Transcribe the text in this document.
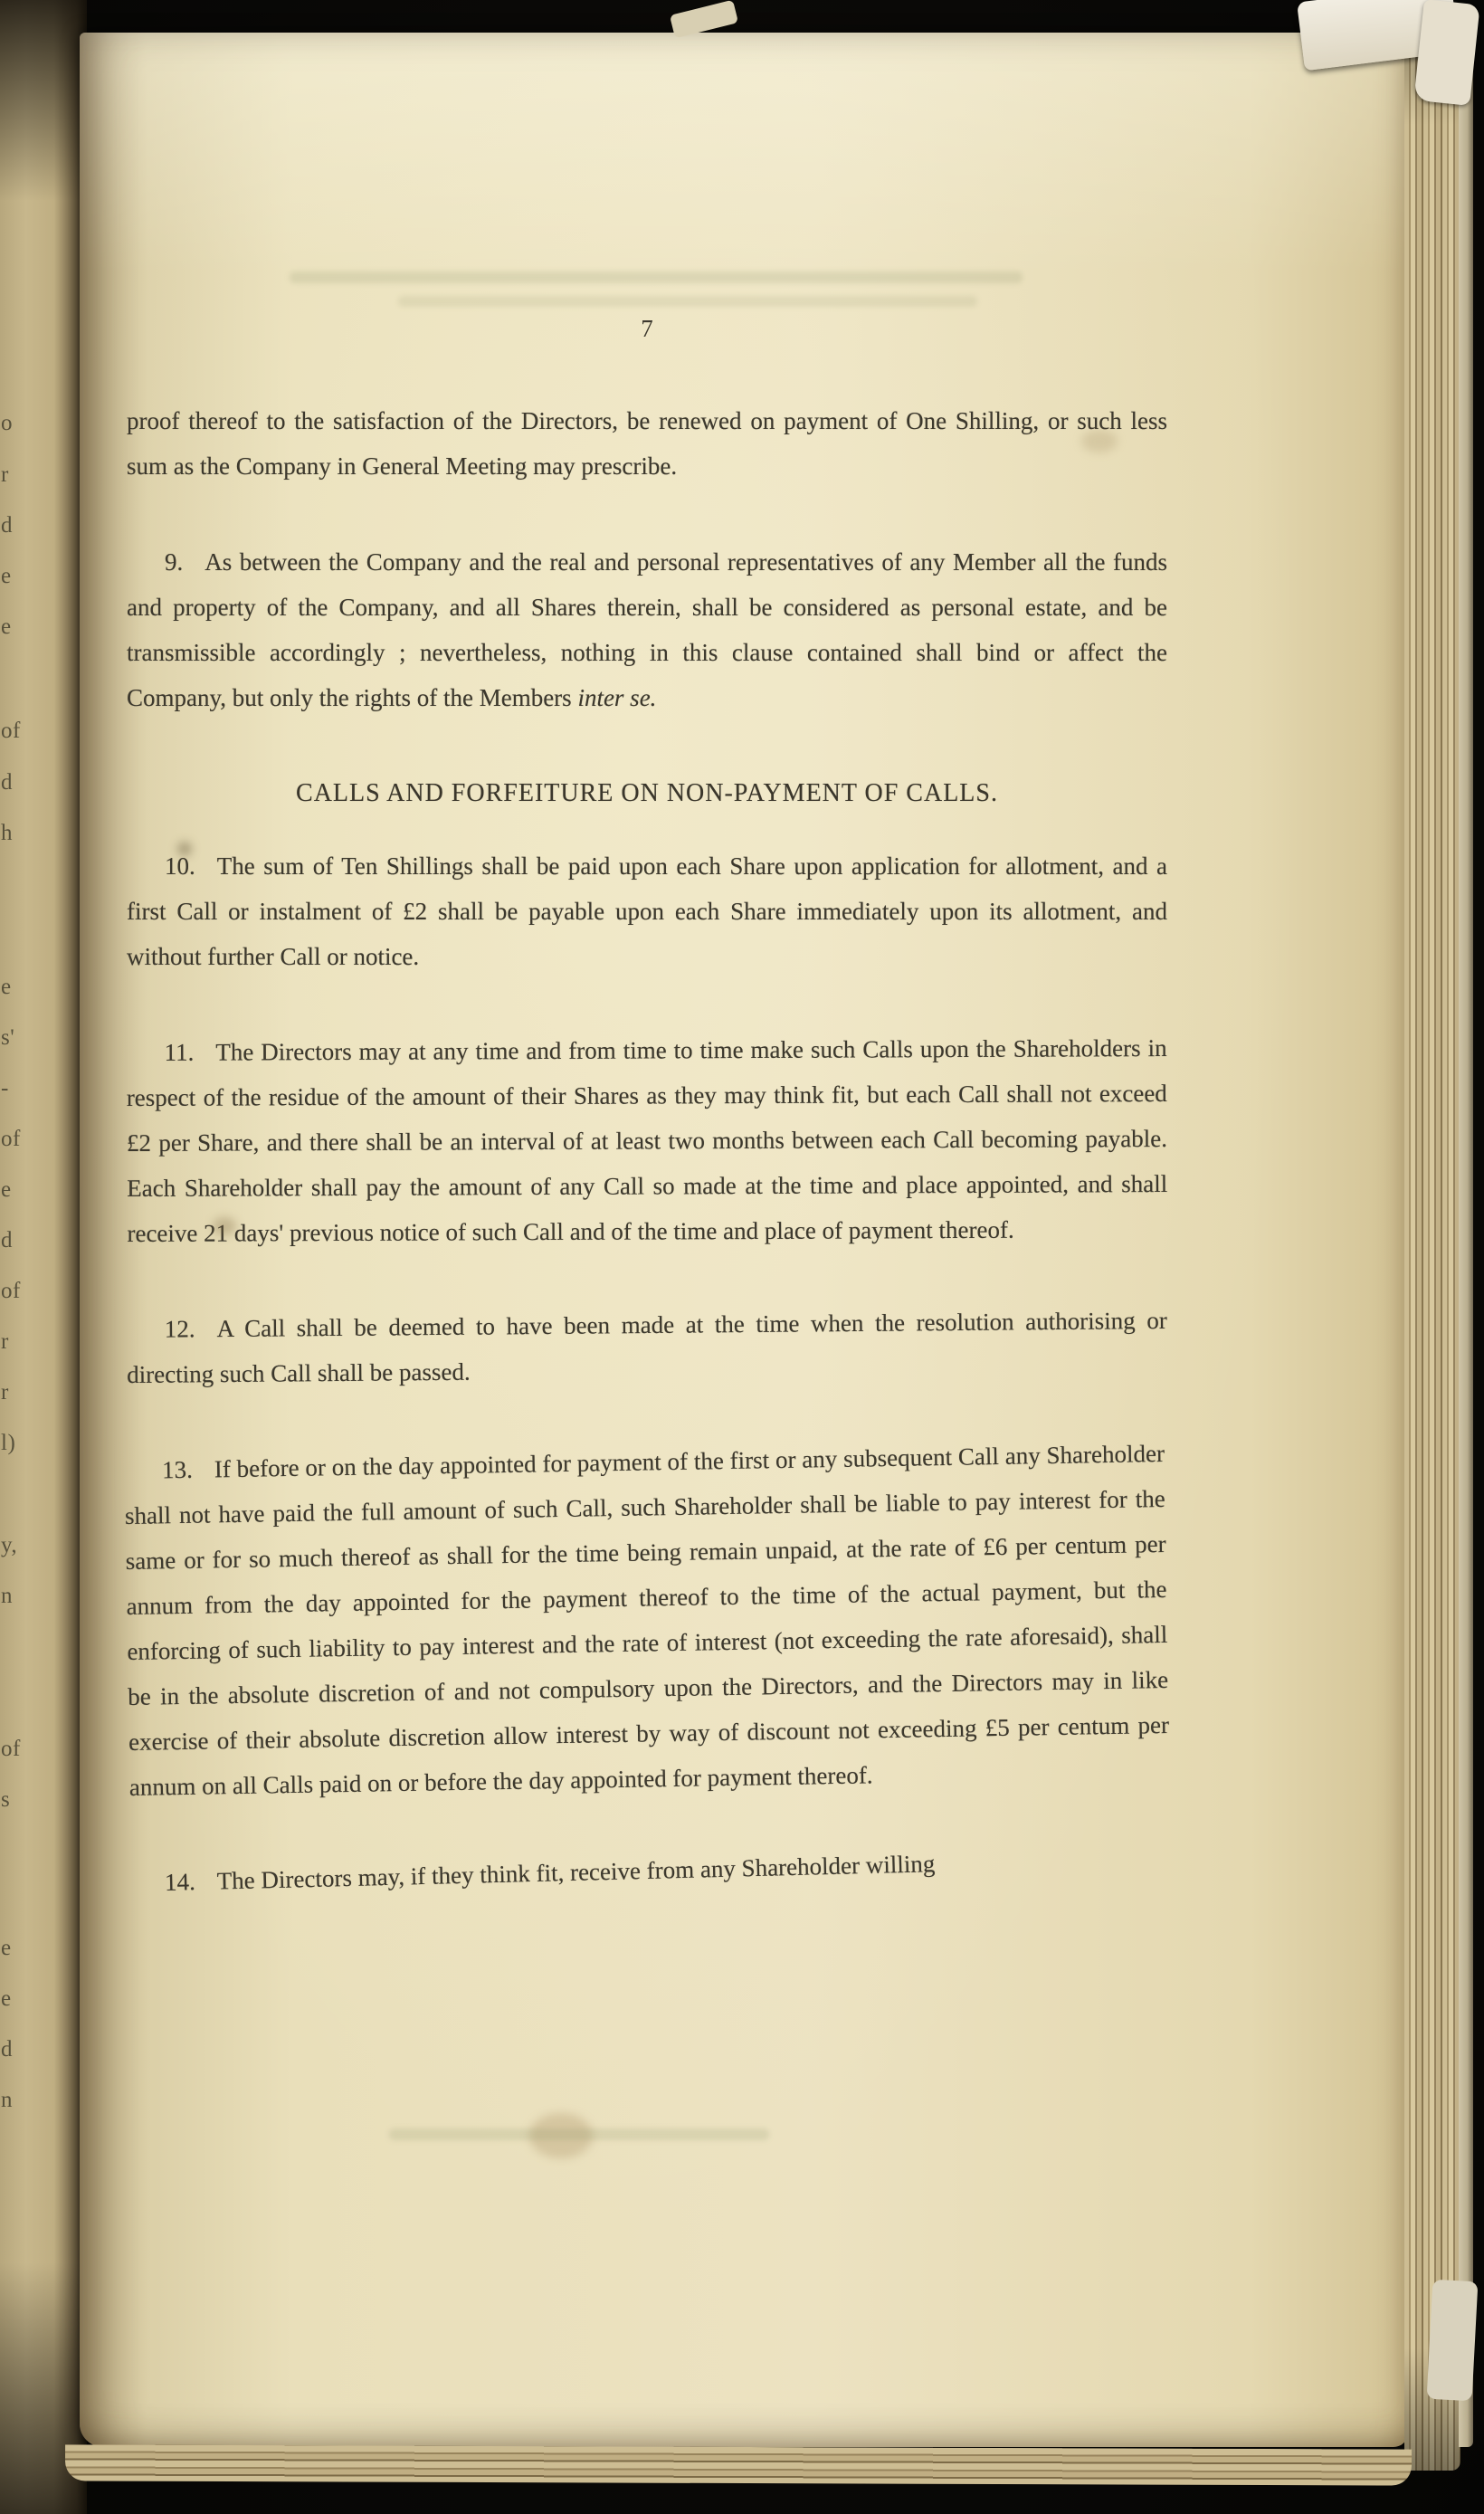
o
r
d
e
e
of
d
h
e
s'
-
of
e
d
of
r
r
l)
y,
n
of
s
e
e
d
n
7

proof thereof to the satisfaction of the Directors, be renewed on payment of One Shilling, or such less sum as the Company in General Meeting may prescribe.

9. As between the Company and the real and personal representatives of any Member all the funds and property of the Company, and all Shares therein, shall be considered as personal estate, and be transmissible accordingly ; nevertheless, nothing in this clause contained shall bind or affect the Company, but only the rights of the Members inter se.

CALLS AND FORFEITURE ON NON-PAYMENT OF CALLS.

10. The sum of Ten Shillings shall be paid upon each Share upon application for allotment, and a first Call or instalment of £2 shall be payable upon each Share immediately upon its allotment, and without further Call or notice.

11. The Directors may at any time and from time to time make such Calls upon the Shareholders in respect of the residue of the amount of their Shares as they may think fit, but each Call shall not exceed £2 per Share, and there shall be an interval of at least two months between each Call becoming payable. Each Shareholder shall pay the amount of any Call so made at the time and place appointed, and shall receive 21 days' previous notice of such Call and of the time and place of payment thereof.

12. A Call shall be deemed to have been made at the time when the resolution authorising or directing such Call shall be passed.

13. If before or on the day appointed for payment of the first or any subsequent Call any Shareholder shall not have paid the full amount of such Call, such Shareholder shall be liable to pay interest for the same or for so much thereof as shall for the time being remain unpaid, at the rate of £6 per centum per annum from the day appointed for the payment thereof to the time of the actual payment, but the enforcing of such liability to pay interest and the rate of interest (not exceeding the rate aforesaid), shall be in the absolute discretion of and not compulsory upon the Directors, and the Directors may in like exercise of their absolute discretion allow interest by way of discount not exceeding £5 per centum per annum on all Calls paid on or before the day appointed for payment thereof.

14. The Directors may, if they think fit, receive from any Shareholder willing
